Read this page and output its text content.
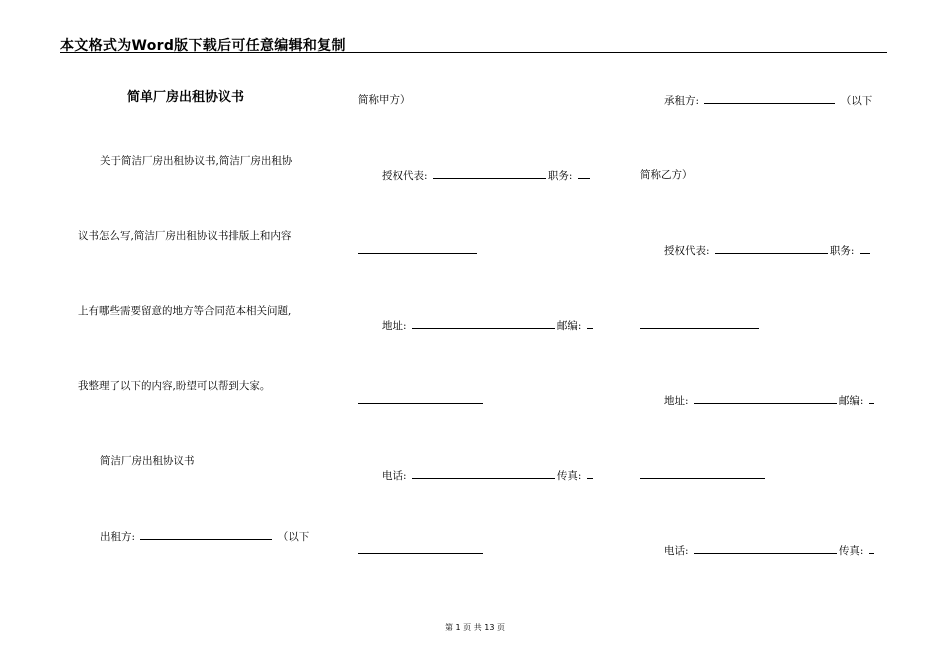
本文格式为Word版下载后可任意编辑和复制
简单厂房出租协议书
关于简洁厂房出租协议书,简洁厂房出租协
议书怎么写,简洁厂房出租协议书排版上和内容
上有哪些需要留意的地方等合同范本相关问题,
我整理了以下的内容,盼望可以帮到大家。
简洁厂房出租协议书
出租方:	（以下
简称甲方）
授权代表:	职务:
地址:	邮编:
电话:	传真:
承租方:	（以下
简称乙方）
授权代表:	职务:
地址:	邮编:
电话:	传真:
第 1 页 共 13 页
